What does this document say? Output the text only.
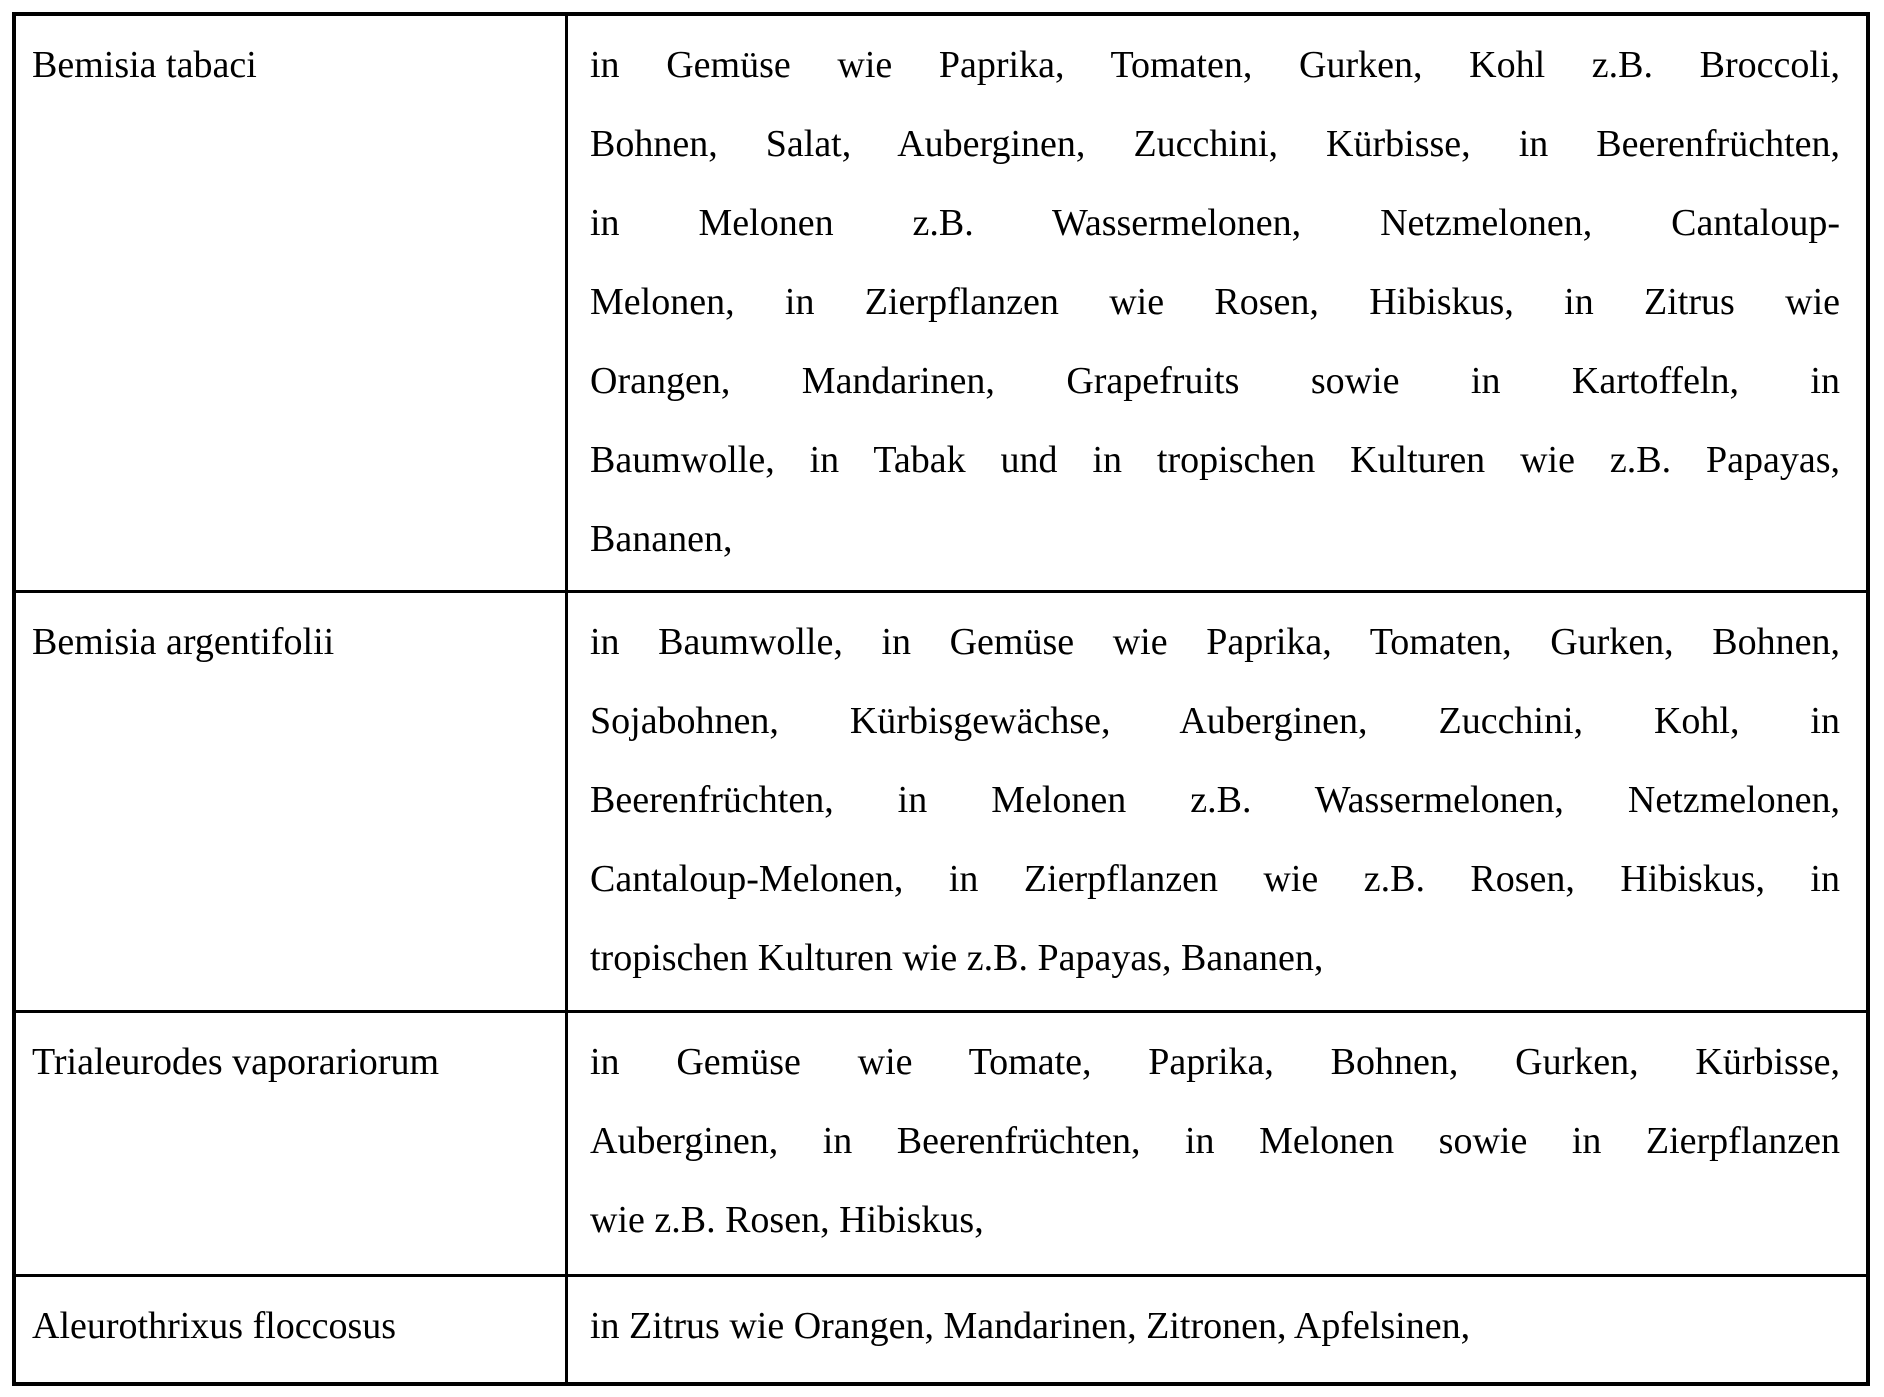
Bemisia tabaci	in Gemüse wie Paprika, Tomaten, Gurken, Kohl z.B. Broccoli,
Bohnen, Salat, Auberginen, Zucchini, Kürbisse, in Beerenfrüchten,
in Melonen z.B. Wassermelonen, Netzmelonen, Cantaloup-
Melonen, in Zierpflanzen wie Rosen, Hibiskus, in Zitrus wie
Orangen, Mandarinen, Grapefruits sowie in Kartoffeln, in
Baumwolle, in Tabak und in tropischen Kulturen wie z.B. Papayas,
Bananen,
Bemisia argentifolii	in Baumwolle, in Gemüse wie Paprika, Tomaten, Gurken, Bohnen,
Sojabohnen, Kürbisgewächse, Auberginen, Zucchini, Kohl, in
Beerenfrüchten, in Melonen z.B. Wassermelonen, Netzmelonen,
Cantaloup-Melonen, in Zierpflanzen wie z.B. Rosen, Hibiskus, in
tropischen Kulturen wie z.B. Papayas, Bananen,
Trialeurodes vaporariorum	in Gemüse wie Tomate, Paprika, Bohnen, Gurken, Kürbisse,
Auberginen, in Beerenfrüchten, in Melonen sowie in Zierpflanzen
wie z.B. Rosen, Hibiskus,
Aleurothrixus floccosus	in Zitrus wie Orangen, Mandarinen, Zitronen, Apfelsinen,
